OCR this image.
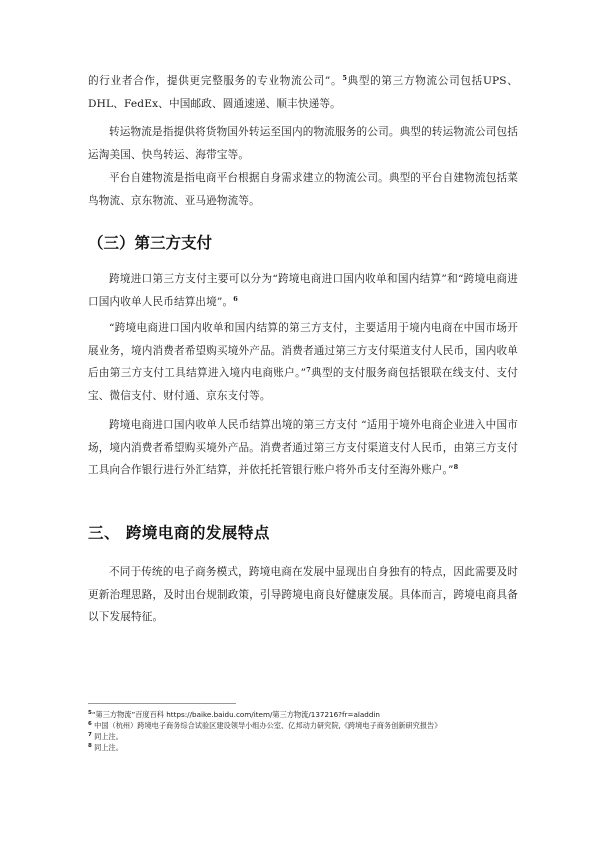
的行业者合作，提供更完整服务的专业物流公司”。$^5$典型的第三方物流公司包括UPS、DHL、FedEx、中国邮政、圆通速递、顺丰快递等。

转运物流是指提供将货物国外转运至国内的物流服务的公司。典型的转运物流公司包括运淘美国、快鸟转运、海带宝等。

平台自建物流是指电商平台根据自身需求建立的物流公司。典型的平台自建物流包括菜鸟物流、京东物流、亚马逊物流等。

（三）第三方支付

跨境进口第三方支付主要可以分为“跨境电商进口国内收单和国内结算”和“跨境电商进口国内收单人民币结算出境”。$^6$

“跨境电商进口国内收单和国内结算的第三方支付，主要适用于境内电商在中国市场开展业务，境内消费者希望购买境外产品。消费者通过第三方支付渠道支付人民币，国内收单后由第三方支付工具结算进入境内电商账户。”$^7$典型的支付服务商包括银联在线支付、支付宝、微信支付、财付通、京东支付等。

跨境电商进口国内收单人民币结算出境的第三方支付 “适用于境外电商企业进入中国市场，境内消费者希望购买境外产品。消费者通过第三方支付渠道支付人民币，由第三方支付工具向合作银行进行外汇结算，并依托托管银行账户将外币支付至海外账户。”$^8$

三、 跨境电商的发展特点

不同于传统的电子商务模式，跨境电商在发展中显现出自身独有的特点，因此需要及时更新治理思路，及时出台规制政策，引导跨境电商良好健康发展。具体而言，跨境电商具备以下发展特征。

$^5$“第三方物流”百度百科 https://baike.baidu.com/item/第三方物流/137216?fr=aladdin

$^6$ 中国（杭州）跨境电子商务综合试验区建设领导小组办公室、亿邦动力研究院,《跨境电子商务创新研究报告》

$^7$ 同上注。

$^8$ 同上注。
